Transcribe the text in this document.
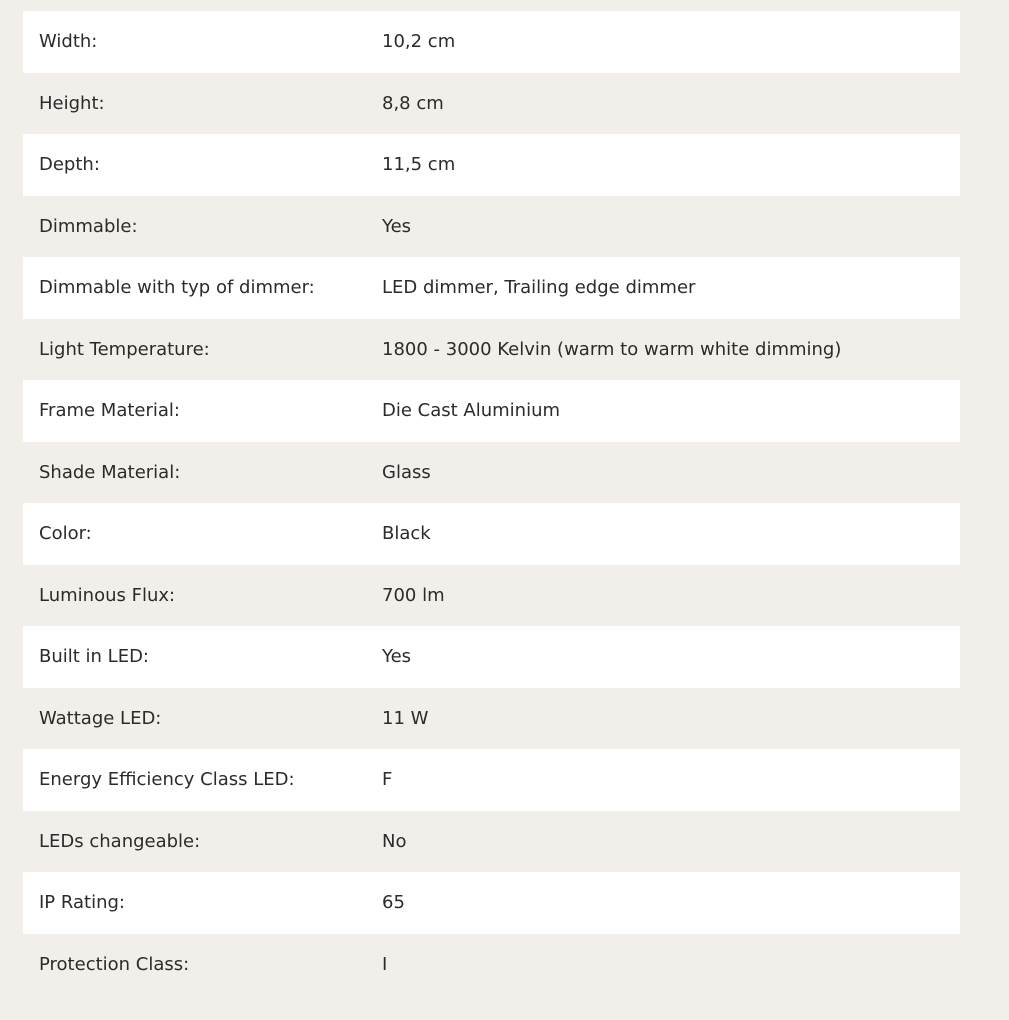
Width:	10,2 cm
Height:	8,8 cm
Depth:	11,5 cm
Dimmable:	Yes
Dimmable with typ of dimmer:	LED dimmer, Trailing edge dimmer
Light Temperature:	1800 - 3000 Kelvin (warm to warm white dimming)
Frame Material:	Die Cast Aluminium
Shade Material:	Glass
Color:	Black
Luminous Flux:	700 lm
Built in LED:	Yes
Wattage LED:	11 W
Energy Efficiency Class LED:	F
LEDs changeable:	No
IP Rating:	65
Protection Class:	I
